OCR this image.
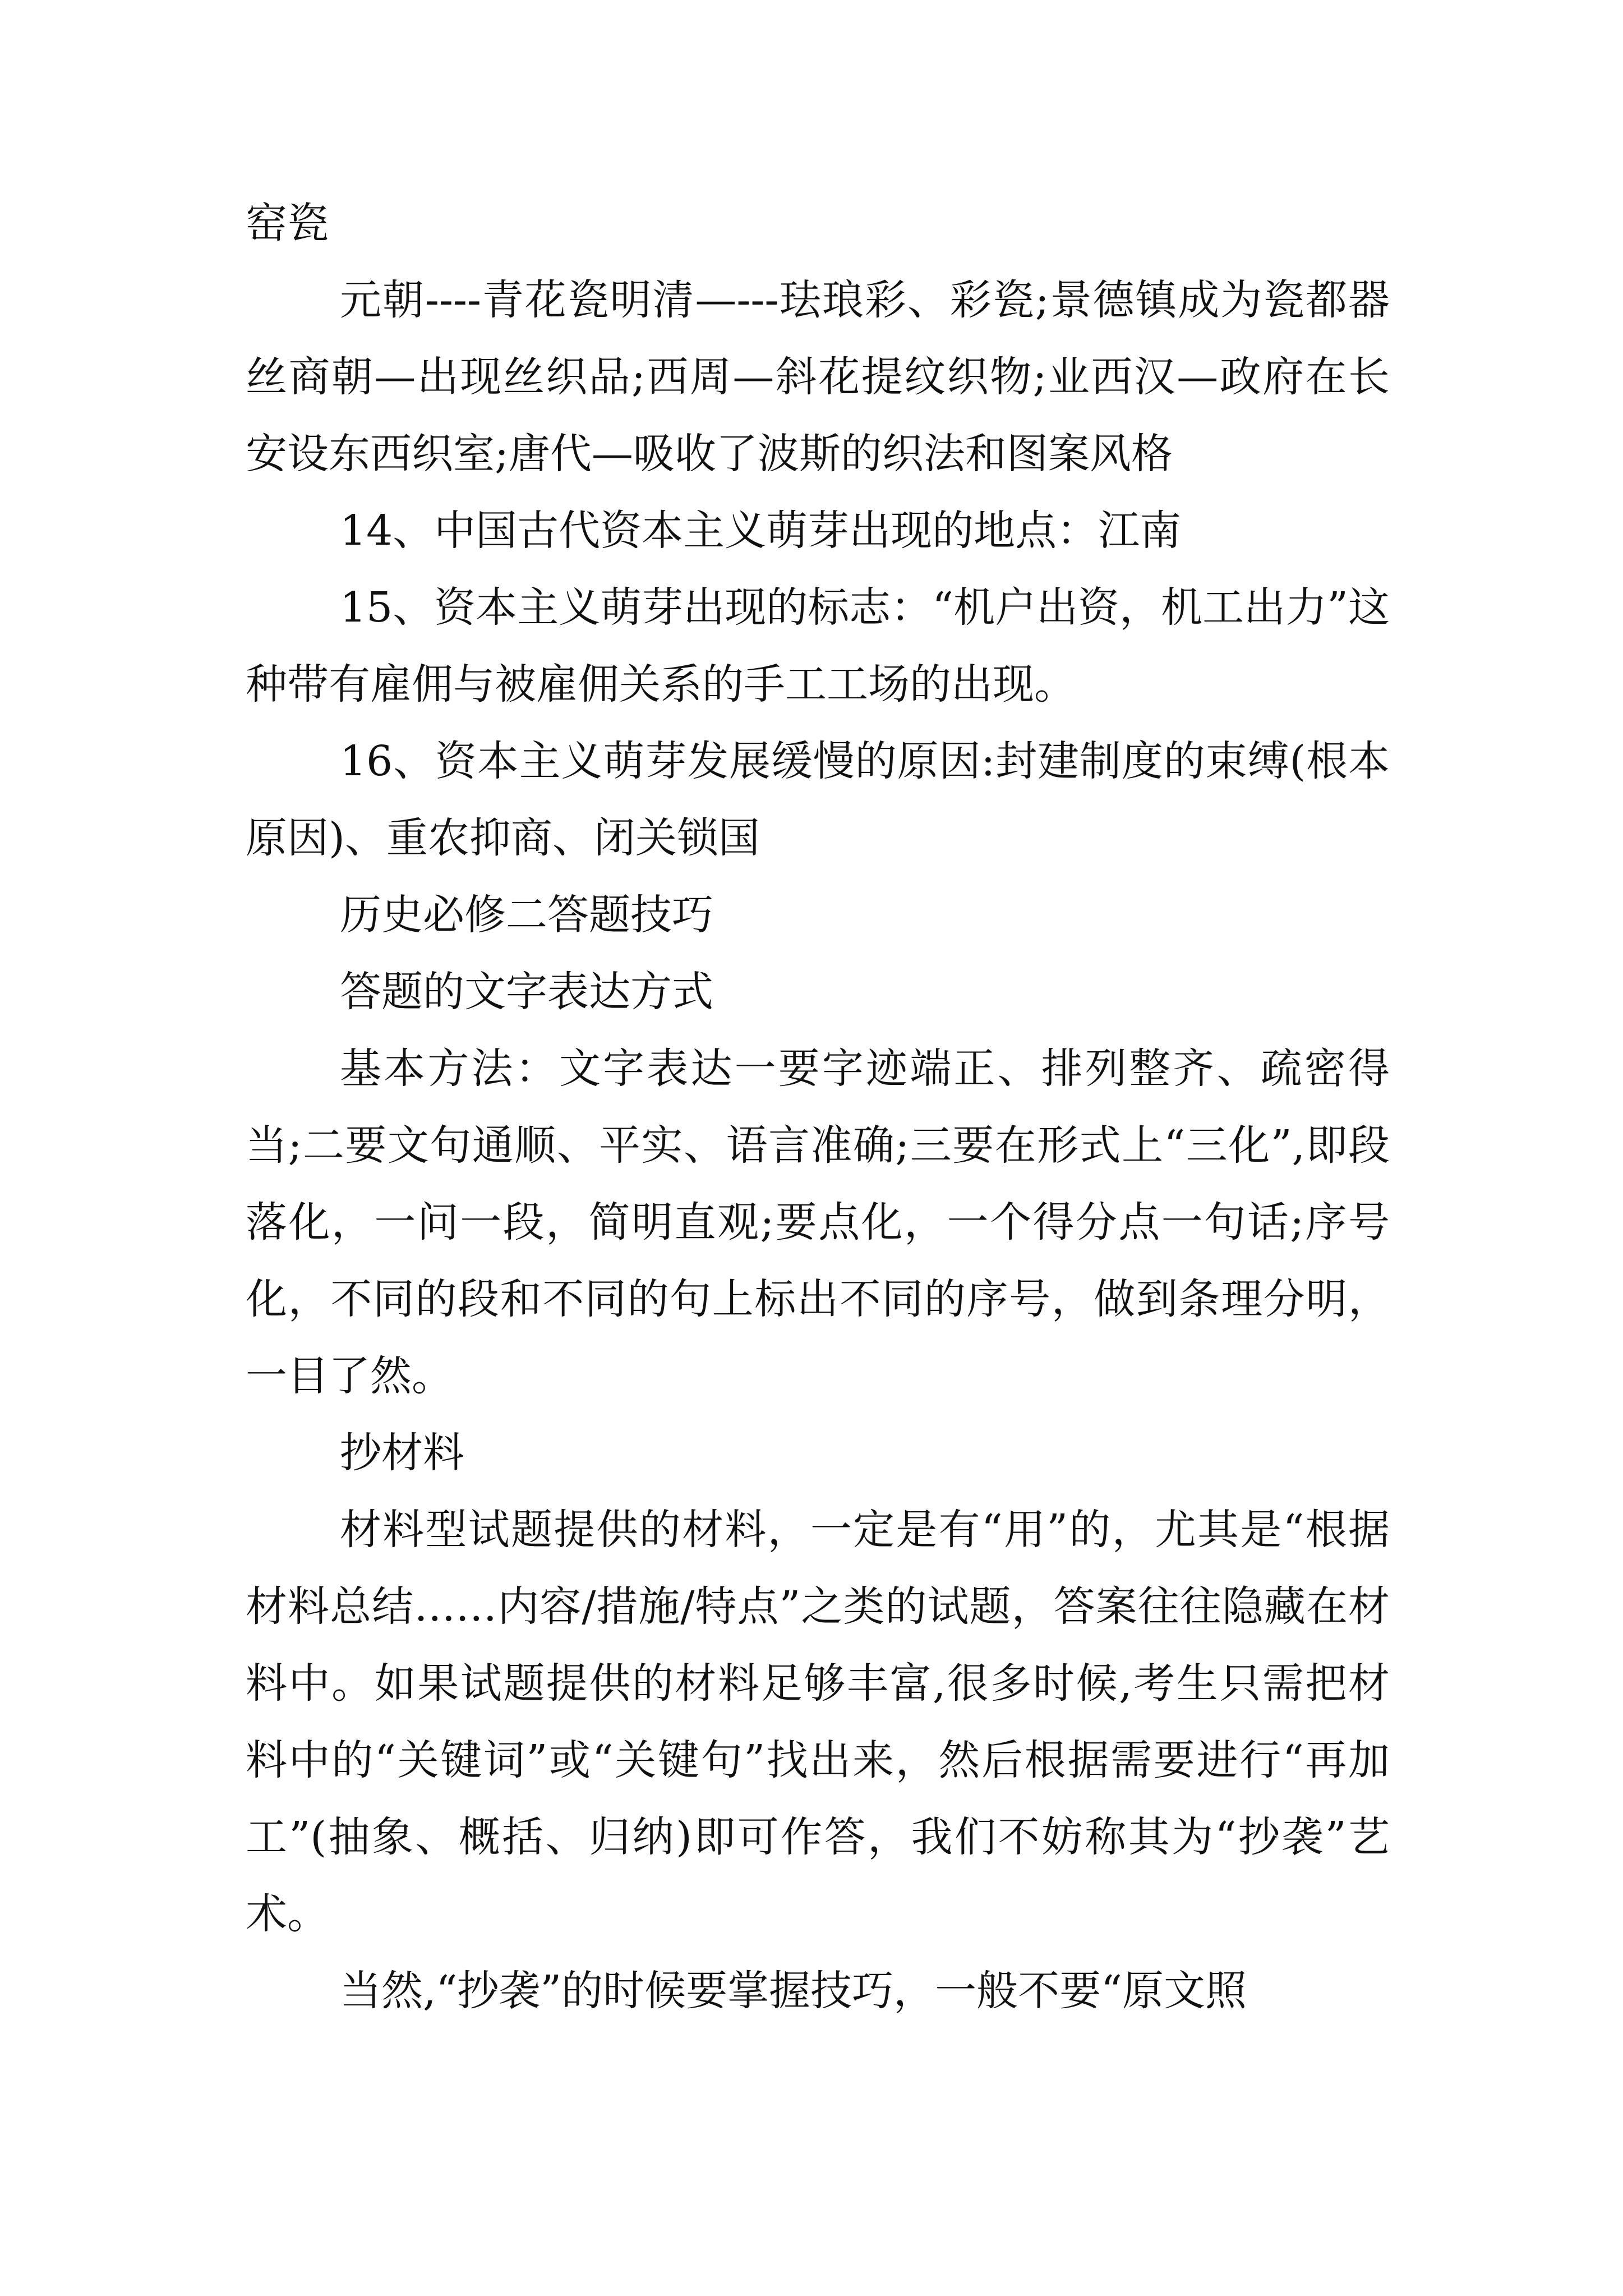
窑瓷

元朝----青花瓷明清—---珐琅彩、彩瓷;景德镇成为瓷都器丝商朝—出现丝织品;西周—斜花提纹织物;业西汉—政府在长安设东西织室;唐代—吸收了波斯的织法和图案风格

14、中国古代资本主义萌芽出现的地点：江南

15、资本主义萌芽出现的标志：“机户出资，机工出力”这种带有雇佣与被雇佣关系的手工工场的出现。

16、资本主义萌芽发展缓慢的原因:封建制度的束缚(根本原因)、重农抑商、闭关锁国

历史必修二答题技巧

答题的文字表达方式

基本方法：文字表达一要字迹端正、排列整齐、疏密得当;二要文句通顺、平实、语言准确;三要在形式上“三化”,即段落化，一问一段，简明直观;要点化，一个得分点一句话;序号化，不同的段和不同的句上标出不同的序号，做到条理分明，一目了然。

抄材料

材料型试题提供的材料，一定是有“用”的，尤其是“根据材料总结……内容/措施/特点”之类的试题，答案往往隐藏在材料中。如果试题提供的材料足够丰富,很多时候,考生只需把材料中的“关键词”或“关键句”找出来，然后根据需要进行“再加工”(抽象、概括、归纳)即可作答，我们不妨称其为“抄袭”艺术。

当然,“抄袭”的时候要掌握技巧，一般不要“原文照
